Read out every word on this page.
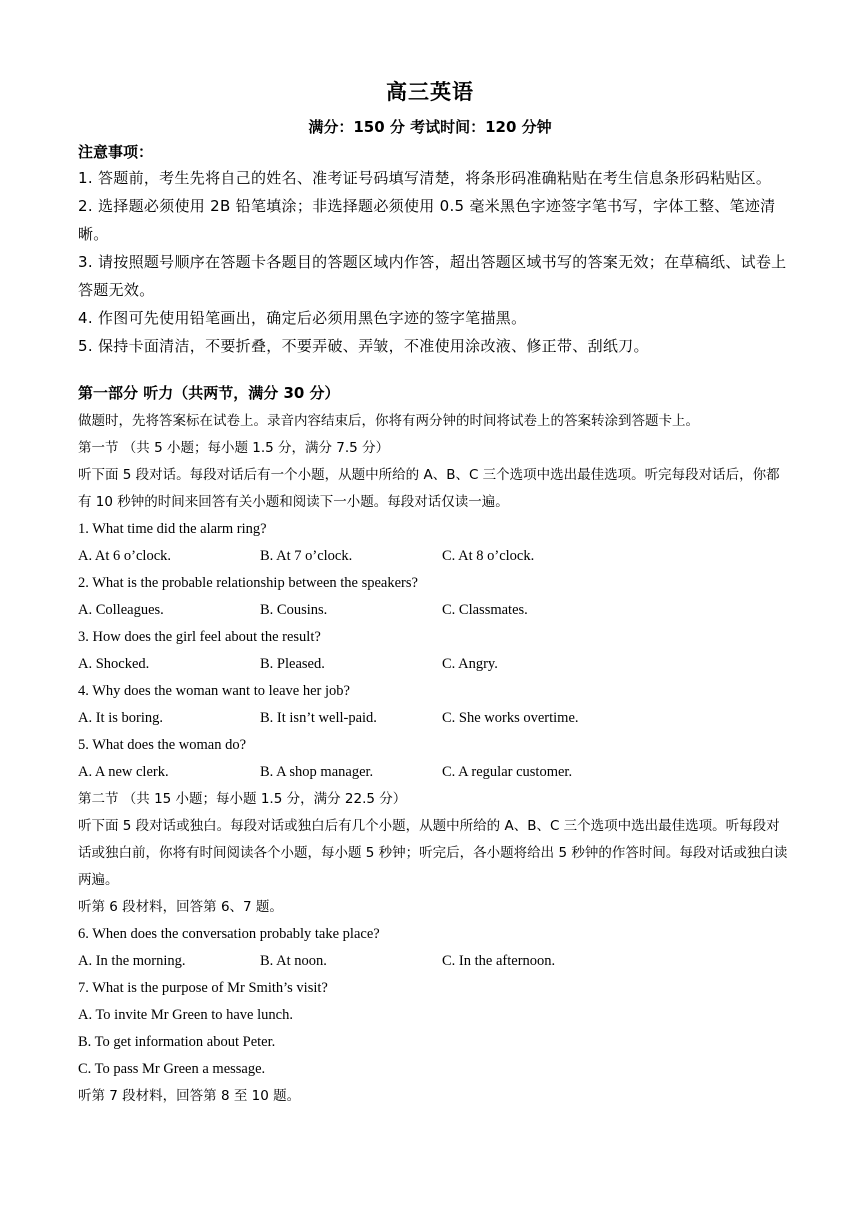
高三英语
满分：150 分 考试时间：120 分钟
注意事项：
1. 答题前，考生先将自己的姓名、准考证号码填写清楚，将条形码准确粘贴在考生信息条形码粘贴区。
2. 选择题必须使用 2B 铅笔填涂；非选择题必须使用 0.5 毫米黑色字迹签字笔书写，字体工整、笔迹清晰。
3. 请按照题号顺序在答题卡各题目的答题区域内作答，超出答题区域书写的答案无效；在草稿纸、试卷上答题无效。
4. 作图可先使用铅笔画出，确定后必须用黑色字迹的签字笔描黑。
5. 保持卡面清洁，不要折叠，不要弄破、弄皱，不准使用涂改液、修正带、刮纸刀。
第一部分 听力（共两节，满分 30 分）
做题时，先将答案标在试卷上。录音内容结束后，你将有两分钟的时间将试卷上的答案转涂到答题卡上。
第一节 （共 5 小题；每小题 1.5 分，满分 7.5 分）
听下面 5 段对话。每段对话后有一个小题，从题中所给的 A、B、C 三个选项中选出最佳选项。听完每段对话后，你都有 10 秒钟的时间来回答有关小题和阅读下一小题。每段对话仅读一遍。
1. What time did the alarm ring?
A. At 6 o’clock.	B. At 7 o’clock.	C. At 8 o’clock.
2. What is the probable relationship between the speakers?
A. Colleagues.	B. Cousins.	C. Classmates.
3. How does the girl feel about the result?
A. Shocked.	B. Pleased.	C. Angry.
4. Why does the woman want to leave her job?
A. It is boring.	B. It isn’t well-paid.	C. She works overtime.
5. What does the woman do?
A. A new clerk.	B. A shop manager.	C. A regular customer.
第二节 （共 15 小题；每小题 1.5 分，满分 22.5 分）
听下面 5 段对话或独白。每段对话或独白后有几个小题，从题中所给的 A、B、C 三个选项中选出最佳选项。听每段对话或独白前，你将有时间阅读各个小题，每小题 5 秒钟；听完后，各小题将给出 5 秒钟的作答时间。每段对话或独白读两遍。
听第 6 段材料，回答第 6、7 题。
6. When does the conversation probably take place?
A. In the morning.	B. At noon.	C. In the afternoon.
7. What is the purpose of Mr Smith’s visit?
A. To invite Mr Green to have lunch.
B. To get information about Peter.
C. To pass Mr Green a message.
听第 7 段材料，回答第 8 至 10 题。
